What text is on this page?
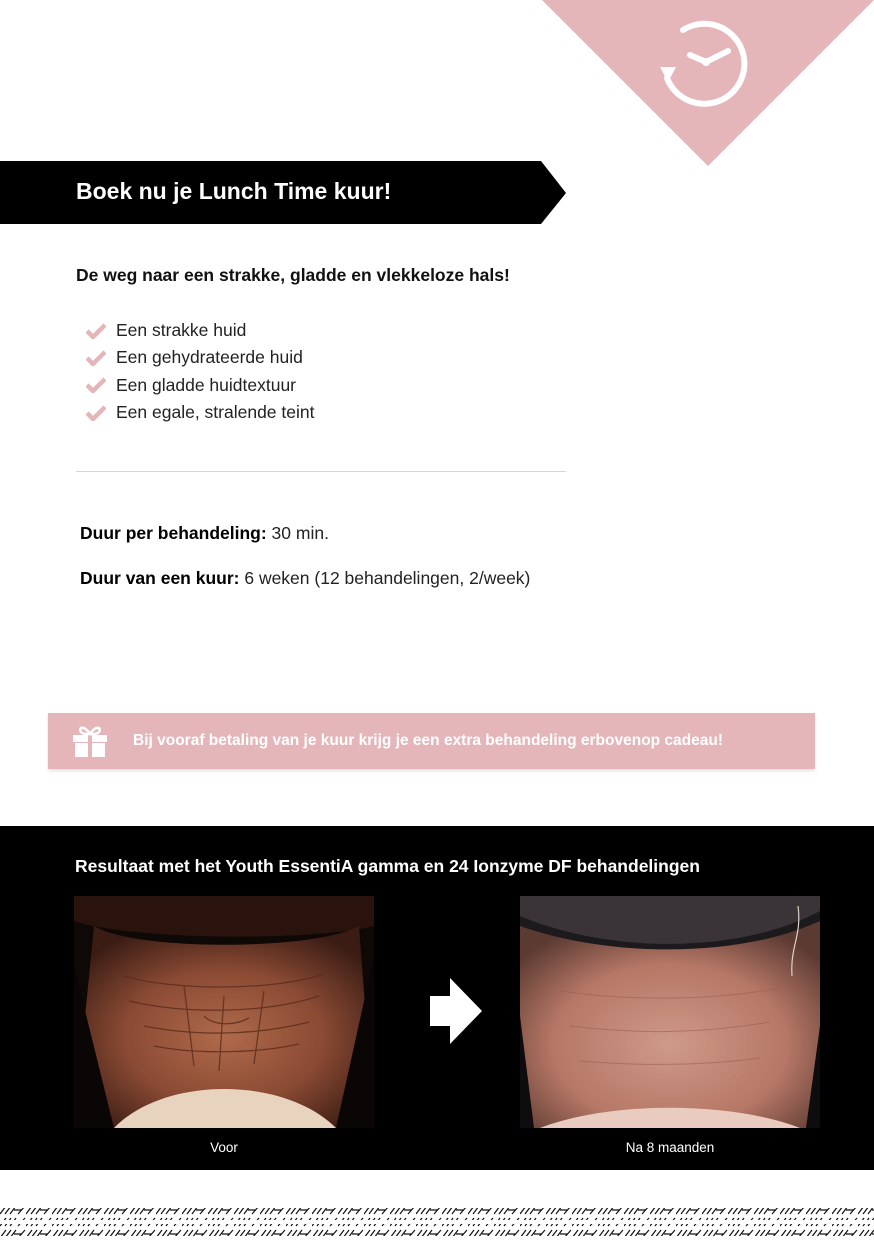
Boek nu je Lunch Time kuur!
De weg naar een strakke, gladde en vlekkeloze hals!
Een strakke huid
Een gehydrateerde huid
Een gladde huidtextuur
Een egale, stralende teint
Duur per behandeling: 30 min.
Duur van een kuur: 6 weken (12 behandelingen, 2/week)
Bij vooraf betaling van je kuur krijg je een extra behandeling erbovenop cadeau!
Resultaat met het Youth EssentiA gamma en 24 Ionzyme DF behandelingen
Voor	Na 8 maanden
